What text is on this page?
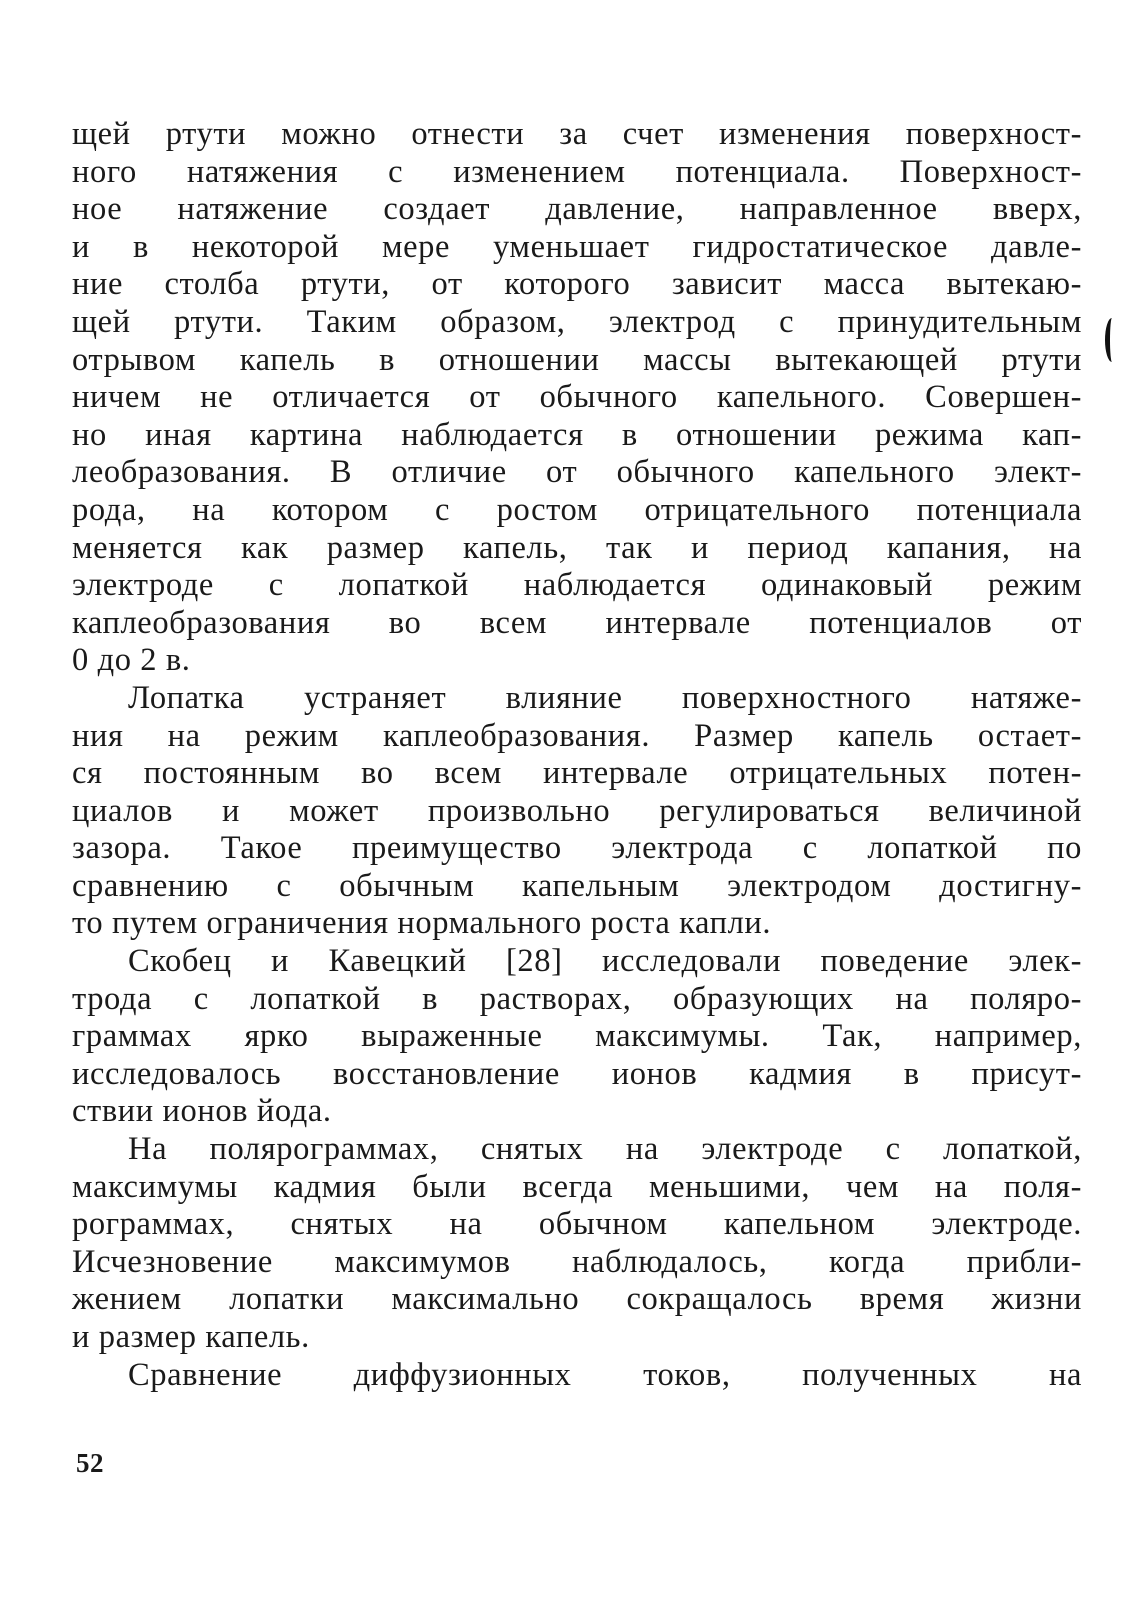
щей ртути можно отнести за счет изменения поверхност-
ного натяжения с изменением потенциала. Поверхност-
ное натяжение создает давление, направленное вверх,
и в некоторой мере уменьшает гидростатическое давле-
ние столба ртути, от которого зависит масса вытекаю-
щей ртути. Таким образом, электрод с принудительным
отрывом капель в отношении массы вытекающей ртути
ничем не отличается от обычного капельного. Совершен-
но иная картина наблюдается в отношении режима кап-
леобразования. В отличие от обычного капельного элект-
рода, на котором с ростом отрицательного потенциала
меняется как размер капель, так и период капания, на
электроде с лопаткой наблюдается одинаковый режим
каплеобразования во всем интервале потенциалов от
0 до 2 в.
Лопатка устраняет влияние поверхностного натяже-
ния на режим каплеобразования. Размер капель остает-
ся постоянным во всем интервале отрицательных потен-
циалов и может произвольно регулироваться величиной
зазора. Такое преимущество электрода с лопаткой по
сравнению с обычным капельным электродом достигну-
то путем ограничения нормального роста капли.
Скобец и Кавецкий [28] исследовали поведение элек-
трода с лопаткой в растворах, образующих на поляро-
граммах ярко выраженные максимумы. Так, например,
исследовалось восстановление ионов кадмия в присут-
ствии ионов йода.
На полярограммах, снятых на электроде с лопаткой,
максимумы кадмия были всегда меньшими, чем на поля-
рограммах, снятых на обычном капельном электроде.
Исчезновение максимумов наблюдалось, когда прибли-
жением лопатки максимально сокращалось время жизни
и размер капель.
Сравнение диффузионных токов, полученных на
52
